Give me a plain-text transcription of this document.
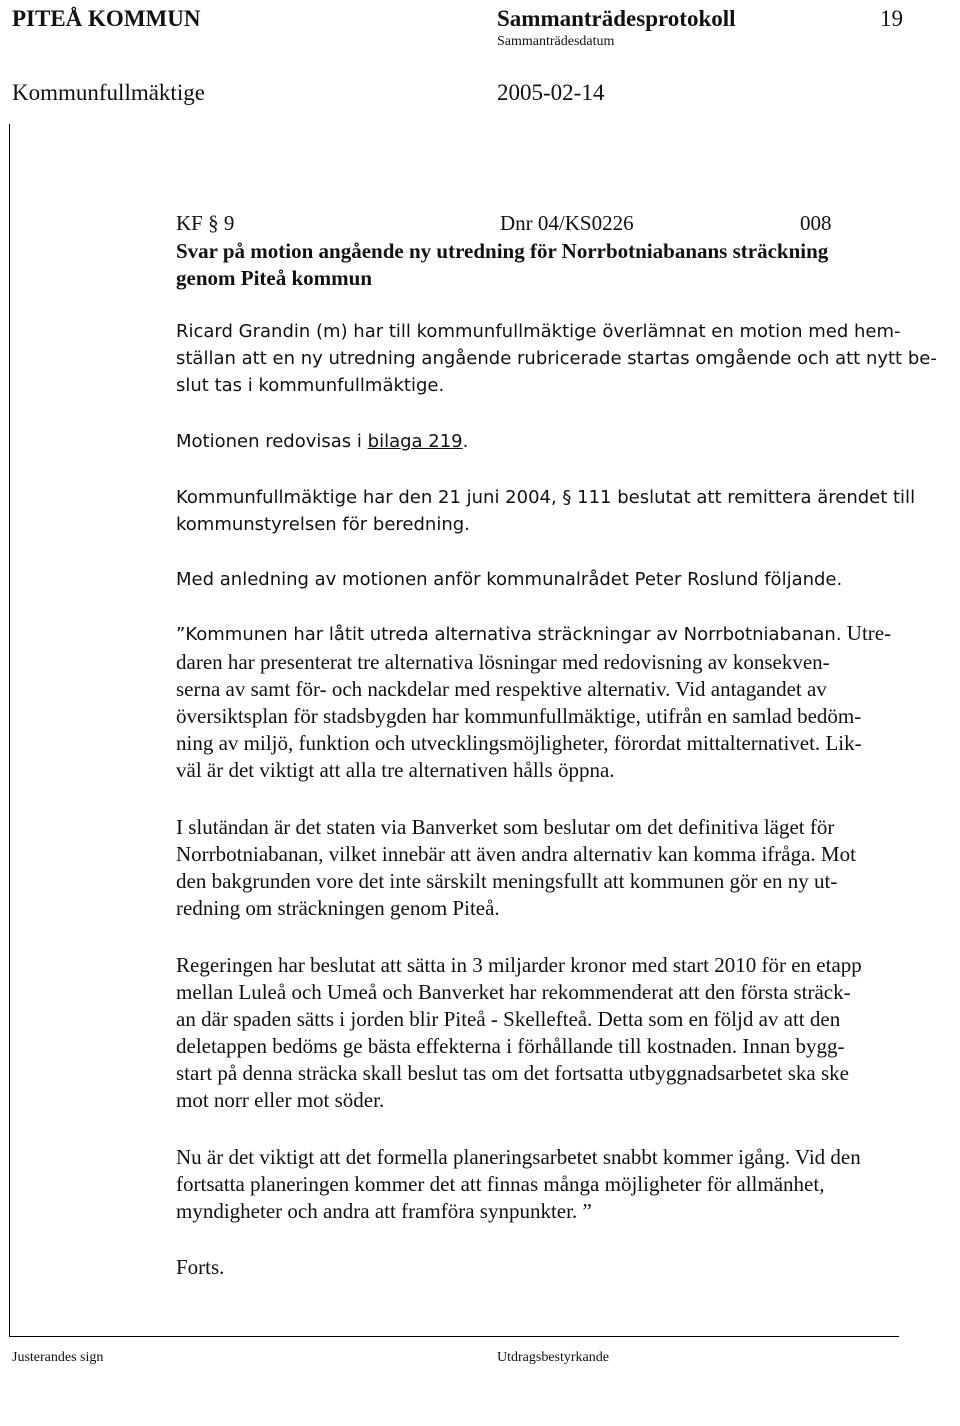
PITEÅ KOMMUN	Sammanträdesprotokoll	19
Sammanträdesdatum
Kommunfullmäktige	2005-02-14
KF § 9	Dnr 04/KS0226	008
Svar på motion angående ny utredning för Norrbotniabanans sträckning
genom Piteå kommun
Ricard Grandin (m) har till kommunfullmäktige överlämnat en motion med hem-
ställan att en ny utredning angående rubricerade startas omgående och att nytt be-
slut tas i kommunfullmäktige.
Motionen redovisas i bilaga 219.
Kommunfullmäktige har den 21 juni 2004, § 111 beslutat att remittera ärendet till
kommunstyrelsen för beredning.
Med anledning av motionen anför kommunalrådet Peter Roslund följande.
”Kommunen har låtit utreda alternativa sträckningar av Norrbotniabanan. Utre-
daren har presenterat tre alternativa lösningar med redovisning av konsekven-
serna av samt för- och nackdelar med respektive alternativ. Vid antagandet av
översiktsplan för stadsbygden har kommunfullmäktige, utifrån en samlad bedöm-
ning av miljö, funktion och utvecklingsmöjligheter, förordat mittalternativet. Lik-
väl är det viktigt att alla tre alternativen hålls öppna.
I slutändan är det staten via Banverket som beslutar om det definitiva läget för
Norrbotniabanan, vilket innebär att även andra alternativ kan komma ifråga. Mot
den bakgrunden vore det inte särskilt meningsfullt att kommunen gör en ny ut-
redning om sträckningen genom Piteå.
Regeringen har beslutat att sätta in 3 miljarder kronor med start 2010 för en etapp
mellan Luleå och Umeå och Banverket har rekommenderat att den första sträck-
an där spaden sätts i jorden blir Piteå - Skellefteå. Detta som en följd av att den
deletappen bedöms ge bästa effekterna i förhållande till kostnaden. Innan bygg-
start på denna sträcka skall beslut tas om det fortsatta utbyggnadsarbetet ska ske
mot norr eller mot söder.
Nu är det viktigt att det formella planeringsarbetet snabbt kommer igång. Vid den
fortsatta planeringen kommer det att finnas många möjligheter för allmänhet,
myndigheter och andra att framföra synpunkter. ”
Forts.
Justerandes sign	Utdragsbestyrkande
